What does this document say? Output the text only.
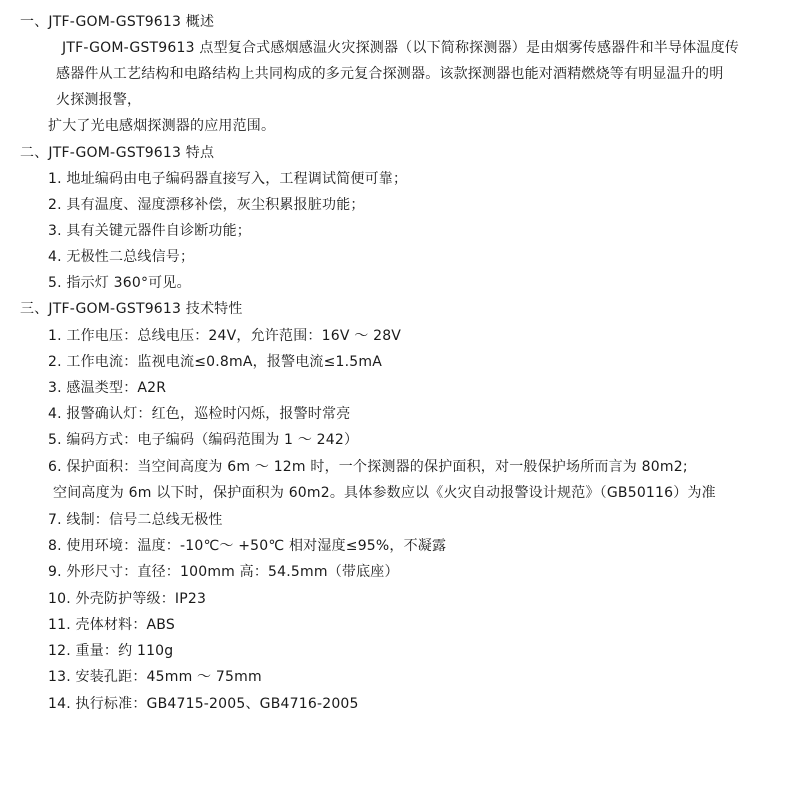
一、JTF-GOM-GST9613 概述
JTF-GOM-GST9613 点型复合式感烟感温火灾探测器（以下简称探测器）是由烟雾传感器件和半导体温度传
感器件从工艺结构和电路结构上共同构成的多元复合探测器。该款探测器也能对酒精燃烧等有明显温升的明
火探测报警，
扩大了光电感烟探测器的应用范围。
二、JTF-GOM-GST9613 特点
1. 地址编码由电子编码器直接写入，工程调试简便可靠；
2. 具有温度、湿度漂移补偿，灰尘积累报脏功能；
3. 具有关键元器件自诊断功能；
4. 无极性二总线信号；
5. 指示灯 360°可见。
三、JTF-GOM-GST9613 技术特性
1. 工作电压：总线电压：24V，允许范围：16V ～ 28V
2. 工作电流：监视电流≤0.8mA，报警电流≤1.5mA
3. 感温类型：A2R
4. 报警确认灯：红色，巡检时闪烁，报警时常亮
5. 编码方式：电子编码（编码范围为 1 ～ 242）
6. 保护面积：当空间高度为 6m ～ 12m 时，一个探测器的保护面积，对一般保护场所而言为 80m2;
空间高度为 6m 以下时，保护面积为 60m2。具体参数应以《火灾自动报警设计规范》（GB50116）为准
7. 线制：信号二总线无极性
8. 使用环境：温度：-10℃～ +50℃ 相对湿度≤95%，不凝露
9. 外形尺寸：直径：100mm 高：54.5mm（带底座）
10. 外壳防护等级：IP23
11. 壳体材料：ABS
12. 重量：约 110g
13. 安装孔距：45mm ～ 75mm
14. 执行标准：GB4715-2005、GB4716-2005
